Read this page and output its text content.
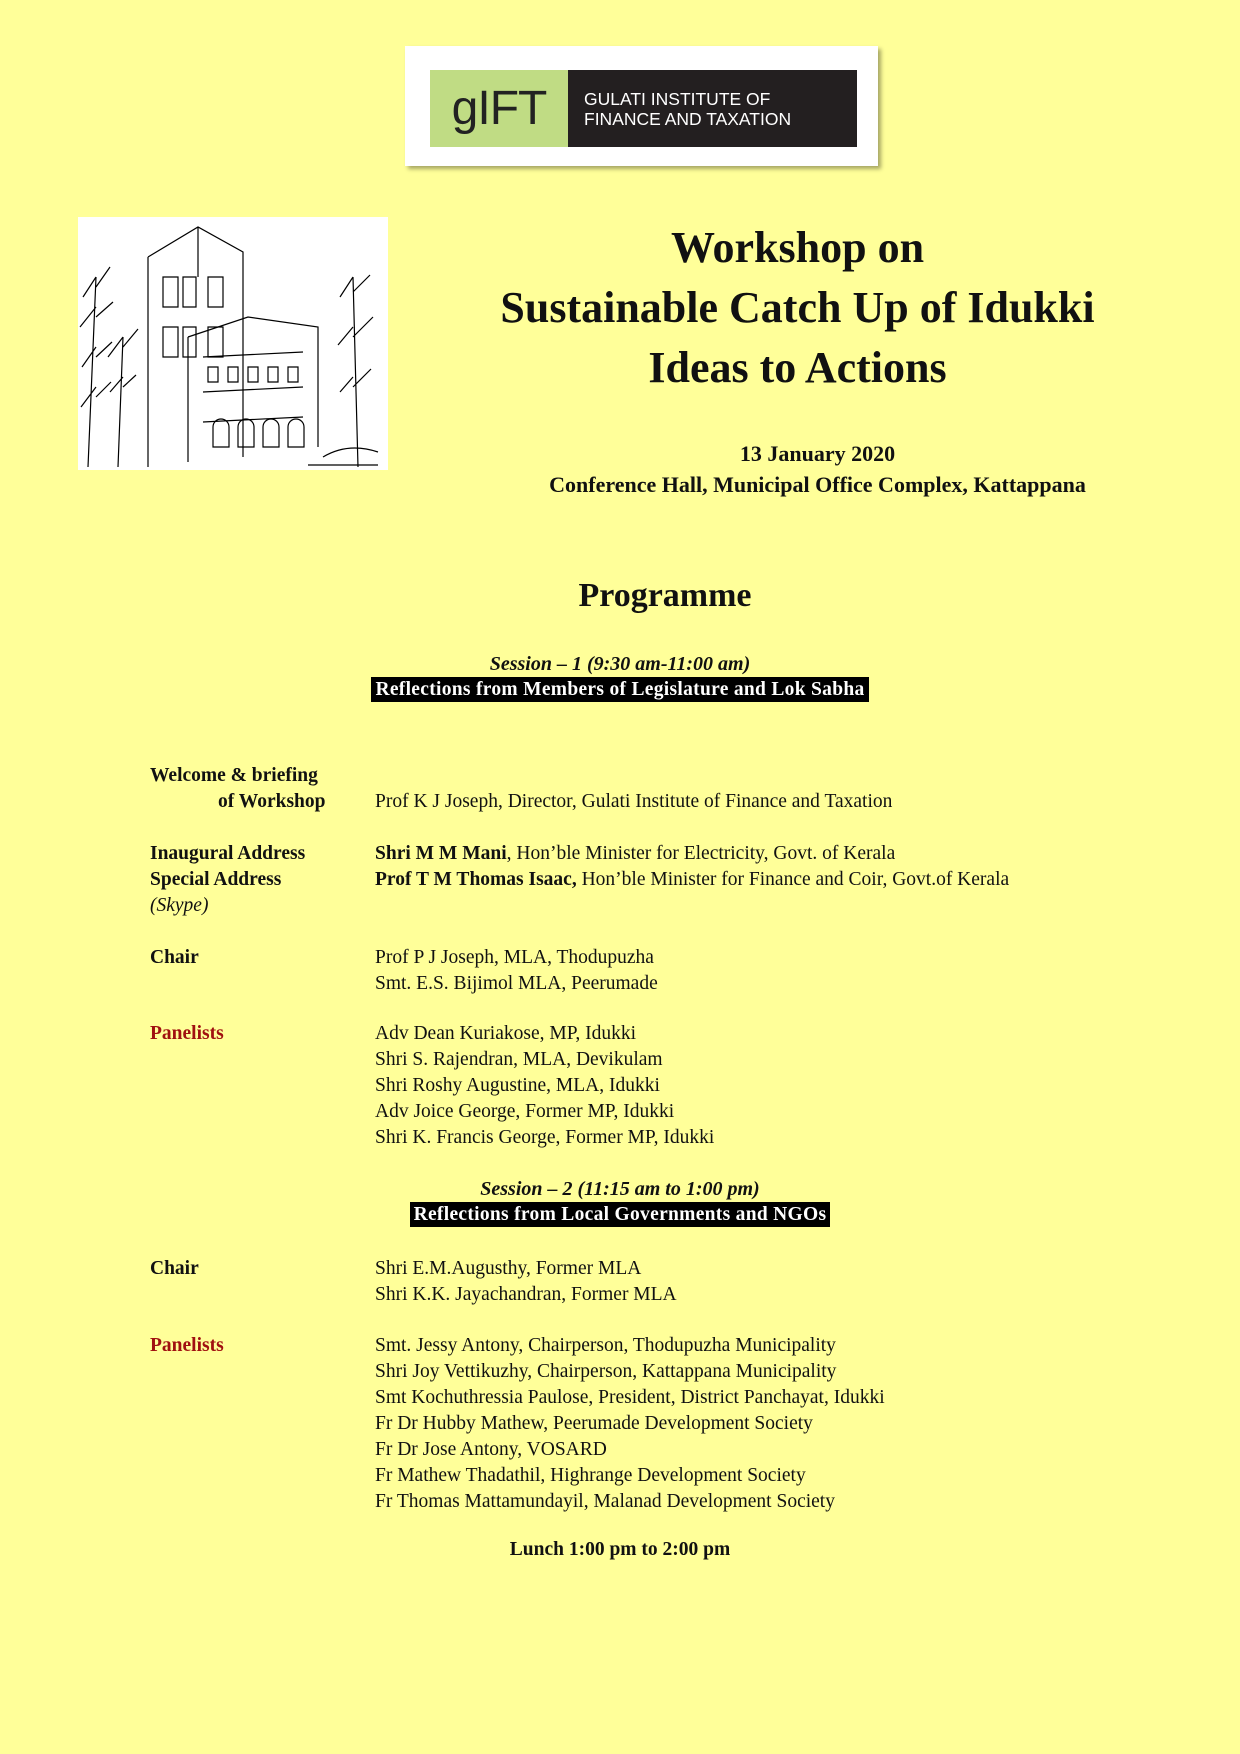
gIFT	GULATI INSTITUTE OF
FINANCE AND TAXATION
Workshop on
Sustainable Catch Up of Idukki
Ideas to Actions
13 January 2020
Conference Hall, Municipal Office Complex, Kattappana
Programme
Session – 1 (9:30 am-11:00 am)
Reflections from Members of Legislature and Lok Sabha
Welcome & briefing
of Workshop	Prof K J Joseph, Director, Gulati Institute of Finance and Taxation
Inaugural Address	Shri M M Mani, Hon’ble Minister for Electricity, Govt. of Kerala
Special Address	Prof T M Thomas Isaac, Hon’ble Minister for Finance and Coir, Govt.of Kerala
(Skype)
Chair	Prof P J Joseph, MLA, Thodupuzha
Smt. E.S. Bijimol MLA, Peerumade
Panelists	Adv Dean Kuriakose, MP, Idukki
Shri S. Rajendran, MLA, Devikulam
Shri Roshy Augustine, MLA, Idukki
Adv Joice George, Former MP, Idukki
Shri K. Francis George, Former MP, Idukki
Session – 2 (11:15 am to 1:00 pm)
Reflections from Local Governments and NGOs
Chair	Shri E.M.Augusthy, Former MLA
Shri K.K. Jayachandran, Former MLA
Panelists	Smt. Jessy Antony, Chairperson, Thodupuzha Municipality
Shri Joy Vettikuzhy, Chairperson, Kattappana Municipality
Smt Kochuthressia Paulose, President, District Panchayat, Idukki
Fr Dr Hubby Mathew, Peerumade Development Society
Fr Dr Jose Antony, VOSARD
Fr Mathew Thadathil, Highrange Development Society
Fr Thomas Mattamundayil, Malanad Development Society
Lunch 1:00 pm to 2:00 pm
